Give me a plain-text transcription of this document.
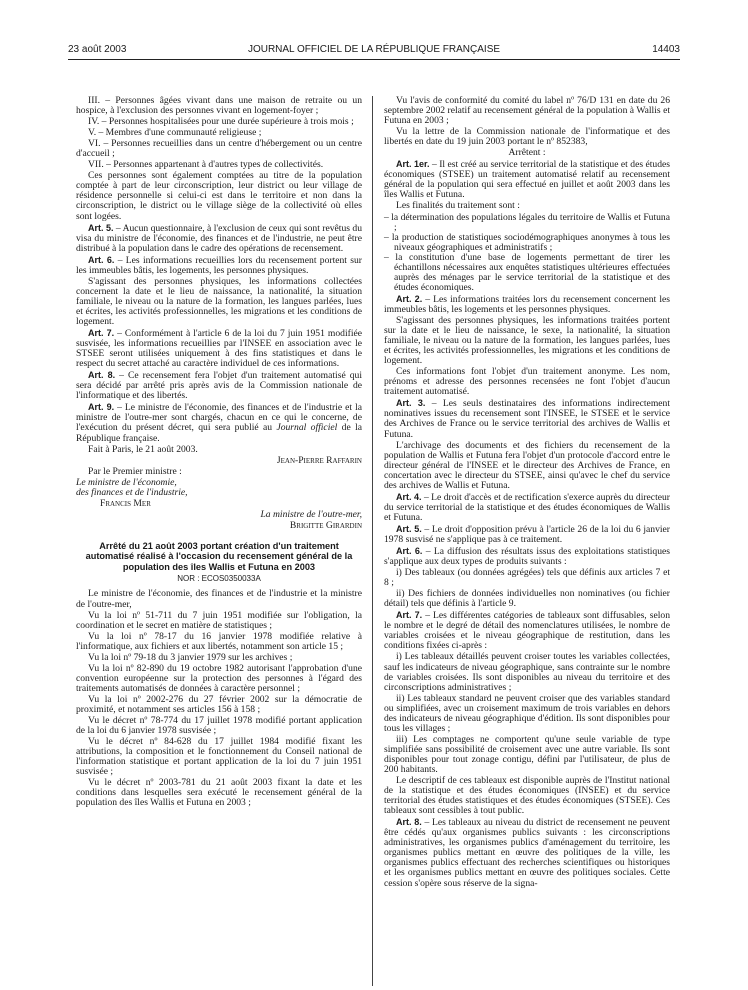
23 août 2003	JOURNAL OFFICIEL DE LA RÉPUBLIQUE FRANÇAISE	14403

III. – Personnes âgées vivant dans une maison de retraite ou un hospice, à l'exclusion des personnes vivant en logement-foyer ;

IV. – Personnes hospitalisées pour une durée supérieure à trois mois ;

V. – Membres d'une communauté religieuse ;

VI. – Personnes recueillies dans un centre d'hébergement ou un centre d'accueil ;

VII. – Personnes appartenant à d'autres types de collectivités.

Ces personnes sont également comptées au titre de la population comptée à part de leur circonscription, leur district ou leur village de résidence personnelle si celui-ci est dans le territoire et non dans la circonscription, le district ou le village siège de la collectivité où elles sont logées.

Art. 5. – Aucun questionnaire, à l'exclusion de ceux qui sont revêtus du visa du ministre de l'économie, des finances et de l'industrie, ne peut être distribué à la population dans le cadre des opérations de recensement.

Art. 6. – Les informations recueillies lors du recensement portent sur les immeubles bâtis, les logements, les personnes physiques.

S'agissant des personnes physiques, les informations collectées concernent la date et le lieu de naissance, la nationalité, la situation familiale, le niveau ou la nature de la formation, les langues parlées, lues et écrites, les activités professionnelles, les migrations et les conditions de logement.

Art. 7. – Conformément à l'article 6 de la loi du 7 juin 1951 modifiée susvisée, les informations recueillies par l'INSEE en association avec le STSEE seront utilisées uniquement à des fins statistiques et dans le respect du secret attaché au caractère individuel de ces informations.

Art. 8. – Ce recensement fera l'objet d'un traitement automatisé qui sera décidé par arrêté pris après avis de la Commission nationale de l'informatique et des libertés.

Art. 9. – Le ministre de l'économie, des finances et de l'industrie et la ministre de l'outre-mer sont chargés, chacun en ce qui le concerne, de l'exécution du présent décret, qui sera publié au Journal officiel de la République française.

Fait à Paris, le 21 août 2003.

Jean-Pierre Raffarin

Par le Premier ministre :

Le ministre de l'économie,
des finances et de l'industrie,

Francis Mer

La ministre de l'outre-mer,

Brigitte Girardin

Arrêté du 21 août 2003 portant création d'un traitement automatisé réalisé à l'occasion du recensement général de la population des îles Wallis et Futuna en 2003
NOR : ECOS0350033A

Le ministre de l'économie, des finances et de l'industrie et la ministre de l'outre-mer,

Vu la loi nº 51-711 du 7 juin 1951 modifiée sur l'obligation, la coordination et le secret en matière de statistiques ;

Vu la loi nº 78-17 du 16 janvier 1978 modifiée relative à l'informatique, aux fichiers et aux libertés, notamment son article 15 ;

Vu la loi nº 79-18 du 3 janvier 1979 sur les archives ;

Vu la loi nº 82-890 du 19 octobre 1982 autorisant l'approbation d'une convention européenne sur la protection des personnes à l'égard des traitements automatisés de données à caractère personnel ;

Vu la loi nº 2002-276 du 27 février 2002 sur la démocratie de proximité, et notamment ses articles 156 à 158 ;

Vu le décret nº 78-774 du 17 juillet 1978 modifié portant application de la loi du 6 janvier 1978 susvisée ;

Vu le décret nº 84-628 du 17 juillet 1984 modifié fixant les attributions, la composition et le fonctionnement du Conseil national de l'information statistique et portant application de la loi du 7 juin 1951 susvisée ;

Vu le décret nº 2003-781 du 21 août 2003 fixant la date et les conditions dans lesquelles sera exécuté le recensement général de la population des îles Wallis et Futuna en 2003 ;

Vu l'avis de conformité du comité du label nº 76/D 131 en date du 26 septembre 2002 relatif au recensement général de la population à Wallis et Futuna en 2003 ;

Vu la lettre de la Commission nationale de l'informatique et des libertés en date du 19 juin 2003 portant le nº 852383,

Arrêtent :

Art. 1er. – Il est créé au service territorial de la statistique et des études économiques (STSEE) un traitement automatisé relatif au recensement général de la population qui sera effectué en juillet et août 2003 dans les îles Wallis et Futuna.

Les finalités du traitement sont :

– la détermination des populations légales du territoire de Wallis et Futuna ;
– la production de statistiques sociodémographiques anonymes à tous les niveaux géographiques et administratifs ;
– la constitution d'une base de logements permettant de tirer les échantillons nécessaires aux enquêtes statistiques ultérieures effectuées auprès des ménages par le service territorial de la statistique et des études économiques.

Art. 2. – Les informations traitées lors du recensement concernent les immeubles bâtis, les logements et les personnes physiques.

S'agissant des personnes physiques, les informations traitées portent sur la date et le lieu de naissance, le sexe, la nationalité, la situation familiale, le niveau ou la nature de la formation, les langues parlées, lues et écrites, les activités professionnelles, les migrations et les conditions de logement.

Ces informations font l'objet d'un traitement anonyme. Les nom, prénoms et adresse des personnes recensées ne font l'objet d'aucun traitement automatisé.

Art. 3. – Les seuls destinataires des informations indirectement nominatives issues du recensement sont l'INSEE, le STSEE et le service des Archives de France ou le service territorial des archives de Wallis et Futuna.

L'archivage des documents et des fichiers du recensement de la population de Wallis et Futuna fera l'objet d'un protocole d'accord entre le directeur général de l'INSEE et le directeur des Archives de France, en concertation avec le directeur du STSEE, ainsi qu'avec le chef du service des archives de Wallis et Futuna.

Art. 4. – Le droit d'accès et de rectification s'exerce auprès du directeur du service territorial de la statistique et des études économiques de Wallis et Futuna.

Art. 5. – Le droit d'opposition prévu à l'article 26 de la loi du 6 janvier 1978 susvisé ne s'applique pas à ce traitement.

Art. 6. – La diffusion des résultats issus des exploitations statistiques s'applique aux deux types de produits suivants :

i) Des tableaux (ou données agrégées) tels que définis aux articles 7 et 8 ;

ii) Des fichiers de données individuelles non nominatives (ou fichier détail) tels que définis à l'article 9.

Art. 7. – Les différentes catégories de tableaux sont diffusables, selon le nombre et le degré de détail des nomenclatures utilisées, le nombre de variables croisées et le niveau géographique de restitution, dans les conditions fixées ci-après :

i) Les tableaux détaillés peuvent croiser toutes les variables collectées, sauf les indicateurs de niveau géographique, sans contrainte sur le nombre de variables croisées. Ils sont disponibles au niveau du territoire et des circonscriptions administratives ;

ii) Les tableaux standard ne peuvent croiser que des variables standard ou simplifiées, avec un croisement maximum de trois variables en dehors des indicateurs de niveau géographique d'édition. Ils sont disponibles pour tous les villages ;

iii) Les comptages ne comportent qu'une seule variable de type simplifiée sans possibilité de croisement avec une autre variable. Ils sont disponibles pour tout zonage contigu, défini par l'utilisateur, de plus de 200 habitants.

Le descriptif de ces tableaux est disponible auprès de l'Institut national de la statistique et des études économiques (INSEE) et du service territorial des études statistiques et des études économiques (STSEE). Ces tableaux sont cessibles à tout public.

Art. 8. – Les tableaux au niveau du district de recensement ne peuvent être cédés qu'aux organismes publics suivants : les circonscriptions administratives, les organismes publics d'aménagement du territoire, les organismes publics mettant en œuvre des politiques de la ville, les organismes publics effectuant des recherches scientifiques ou historiques et les organismes publics mettant en œuvre des politiques sociales. Cette cession s'opère sous réserve de la signa-
